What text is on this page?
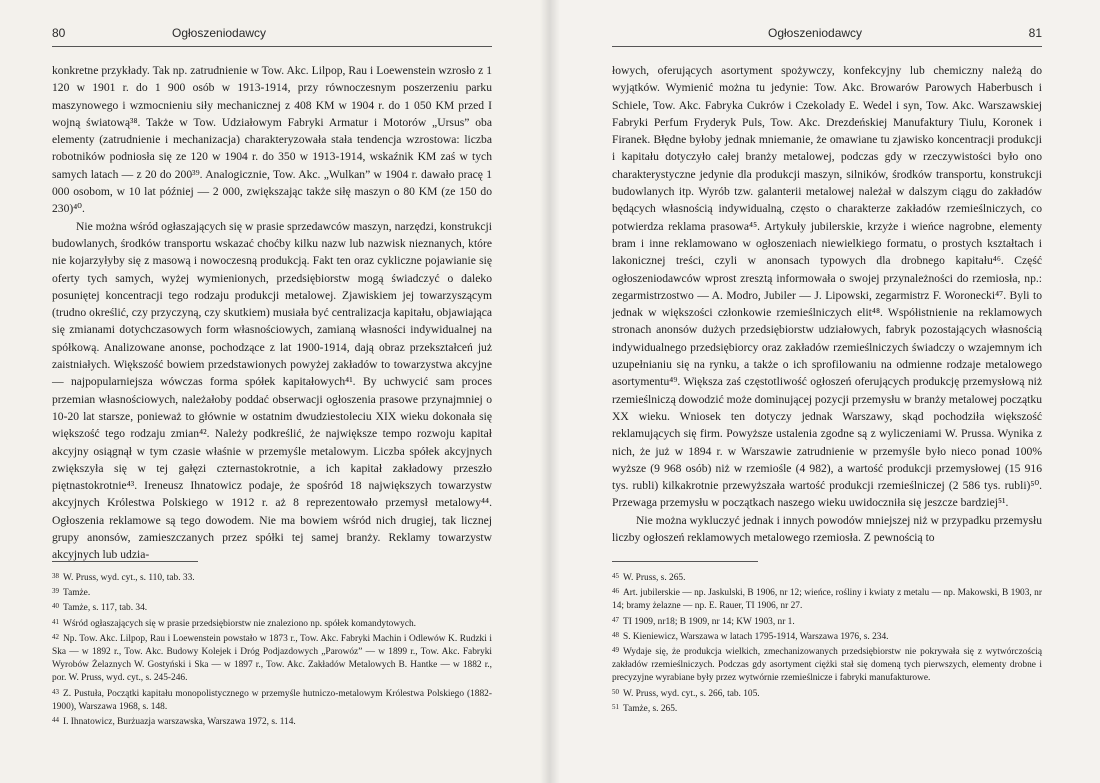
80	Ogłoszeniodawcy

konkretne przykłady. Tak np. zatrudnienie w Tow. Akc. Lilpop, Rau i Loewenstein wzrosło z 1 120 w 1901 r. do 1 900 osób w 1913-1914, przy równoczesnym poszerzeniu parku maszynowego i wzmocnieniu siły mechanicznej z 408 KM w 1904 r. do 1 050 KM przed I wojną światową³⁸. Także w Tow. Udziałowym Fabryki Armatur i Motorów „Ursus” oba elementy (zatrudnienie i mechanizacja) charakteryzowała stała tendencja wzrostowa: liczba robotników podniosła się ze 120 w 1904 r. do 350 w 1913-1914, wskaźnik KM zaś w tych samych latach — z 20 do 200³⁹. Analogicznie, Tow. Akc. „Wulkan” w 1904 r. dawało pracę 1 000 osobom, w 10 lat później — 2 000, zwiększając także siłę maszyn o 80 KM (ze 150 do 230)⁴⁰.

Nie można wśród ogłaszających się w prasie sprzedawców maszyn, narzędzi, konstrukcji budowlanych, środków transportu wskazać choćby kilku nazw lub nazwisk nieznanych, które nie kojarzyłyby się z masową i nowoczesną produkcją. Fakt ten oraz cykliczne pojawianie się oferty tych samych, wyżej wymienionych, przedsiębiorstw mogą świadczyć o daleko posuniętej koncentracji tego rodzaju produkcji metalowej. Zjawiskiem jej towarzyszącym (trudno określić, czy przyczyną, czy skutkiem) musiała być centralizacja kapitału, objawiająca się zmianami dotychczasowych form własnościowych, zamianą własności indywidualnej na spółkową. Analizowane anonse, pochodzące z lat 1900-1914, dają obraz przekształceń już zaistniałych. Większość bowiem przedstawionych powyżej zakładów to towarzystwa akcyjne — najpopularniejsza wówczas forma spółek kapitałowych⁴¹. By uchwycić sam proces przemian własnościowych, należałoby poddać obserwacji ogłoszenia prasowe przynajmniej o 10-20 lat starsze, ponieważ to głównie w ostatnim dwudziestoleciu XIX wieku dokonała się większość tego rodzaju zmian⁴². Należy podkreślić, że największe tempo rozwoju kapitał akcyjny osiągnął w tym czasie właśnie w przemyśle metalowym. Liczba spółek akcyjnych zwiększyła się w tej gałęzi czternastokrotnie, a ich kapitał zakładowy przeszło piętnastokrotnie⁴³. Ireneusz Ihnatowicz podaje, że spośród 18 największych towarzystw akcyjnych Królestwa Polskiego w 1912 r. aż 8 reprezentowało przemysł metalowy⁴⁴. Ogłoszenia reklamowe są tego dowodem. Nie ma bowiem wśród nich drugiej, tak licznej grupy anonsów, zamieszczanych przez spółki tej samej branży. Reklamy towarzystw akcyjnych lub udzia-

$^{38}$ W. Pruss, wyd. cyt., s. 110, tab. 33.

$^{39}$ Tamże.

$^{40}$ Tamże, s. 117, tab. 34.

$^{41}$ Wśród ogłaszających się w prasie przedsiębiorstw nie znaleziono np. spółek komandytowych.

$^{42}$ Np. Tow. Akc. Lilpop, Rau i Loewenstein powstało w 1873 r., Tow. Akc. Fabryki Machin i Odlewów K. Rudzki i Ska — w 1892 r., Tow. Akc. Budowy Kolejek i Dróg Podjazdowych „Parowóz” — w 1899 r., Tow. Akc. Fabryki Wyrobów Żelaznych W. Gostyński i Ska — w 1897 r., Tow. Akc. Zakładów Metalowych B. Hantke — w 1882 r., por. W. Pruss, wyd. cyt., s. 245-246.

$^{43}$ Z. Pustuła, Początki kapitału monopolistycznego w przemyśle hutniczo-metalowym Królestwa Polskiego (1882-1900), Warszawa 1968, s. 148.

$^{44}$ I. Ihnatowicz, Burżuazja warszawska, Warszawa 1972, s. 114.

Ogłoszeniodawcy	81

łowych, oferujących asortyment spożywczy, konfekcyjny lub chemiczny należą do wyjątków. Wymienić można tu jedynie: Tow. Akc. Browarów Parowych Haberbusch i Schiele, Tow. Akc. Fabryka Cukrów i Czekolady E. Wedel i syn, Tow. Akc. Warszawskiej Fabryki Perfum Fryderyk Puls, Tow. Akc. Drezdeńskiej Manufaktury Tiulu, Koronek i Firanek. Błędne byłoby jednak mniemanie, że omawiane tu zjawisko koncentracji produkcji i kapitału dotyczyło całej branży metalowej, podczas gdy w rzeczywistości było ono charakterystyczne jedynie dla produkcji maszyn, silników, środków transportu, konstrukcji budowlanych itp. Wyrób tzw. galanterii metalowej należał w dalszym ciągu do zakładów będących własnością indywidualną, często o charakterze zakładów rzemieślniczych, co potwierdza reklama prasowa⁴⁵. Artykuły jubilerskie, krzyże i wieńce nagrobne, elementy bram i inne reklamowano w ogłoszeniach niewielkiego formatu, o prostych kształtach i lakonicznej treści, czyli w anonsach typowych dla drobnego kapitału⁴⁶. Część ogłoszeniodawców wprost zresztą informowała o swojej przynależności do rzemiosła, np.: zegarmistrzostwo — A. Modro, Jubiler — J. Lipowski, zegarmistrz F. Woronecki⁴⁷. Byli to jednak w większości członkowie rzemieślniczych elit⁴⁸. Współistnienie na reklamowych stronach anonsów dużych przedsiębiorstw udziałowych, fabryk pozostających własnością indywidualnego przedsiębiorcy oraz zakładów rzemieślniczych świadczy o wzajemnym ich uzupełnianiu się na rynku, a także o ich sprofilowaniu na odmienne rodzaje metalowego asortymentu⁴⁹. Większa zaś częstotliwość ogłoszeń oferujących produkcję przemysłową niż rzemieślniczą dowodzić może dominującej pozycji przemysłu w branży metalowej początku XX wieku. Wniosek ten dotyczy jednak Warszawy, skąd pochodziła większość reklamujących się firm. Powyższe ustalenia zgodne są z wyliczeniami W. Prussa. Wynika z nich, że już w 1894 r. w Warszawie zatrudnienie w przemyśle było nieco ponad 100% wyższe (9 968 osób) niż w rzemiośle (4 982), a wartość produkcji przemysłowej (15 916 tys. rubli) kilkakrotnie przewyższała wartość produkcji rzemieślniczej (2 586 tys. rubli)⁵⁰. Przewaga przemysłu w początkach naszego wieku uwidoczniła się jeszcze bardziej⁵¹.

Nie można wykluczyć jednak i innych powodów mniejszej niż w przypadku przemysłu liczby ogłoszeń reklamowych metalowego rzemiosła. Z pewnością to

$^{45}$ W. Pruss, s. 265.

$^{46}$ Art. jubilerskie — np. Jaskulski, B 1906, nr 12; wieńce, rośliny i kwiaty z metalu — np. Makowski, B 1903, nr 14; bramy żelazne — np. E. Rauer, TI 1906, nr 27.

$^{47}$ TI 1909, nr18; B 1909, nr 14; KW 1903, nr 1.

$^{48}$ S. Kieniewicz, Warszawa w latach 1795-1914, Warszawa 1976, s. 234.

$^{49}$ Wydaje się, że produkcja wielkich, zmechanizowanych przedsiębiorstw nie pokrywała się z wytwórczością zakładów rzemieślniczych. Podczas gdy asortyment ciężki stał się domeną tych pierwszych, elementy drobne i precyzyjne wyrabiane były przez wytwórnie rzemieślnicze i fabryki manufakturowe.

$^{50}$ W. Pruss, wyd. cyt., s. 266, tab. 105.

$^{51}$ Tamże, s. 265.
